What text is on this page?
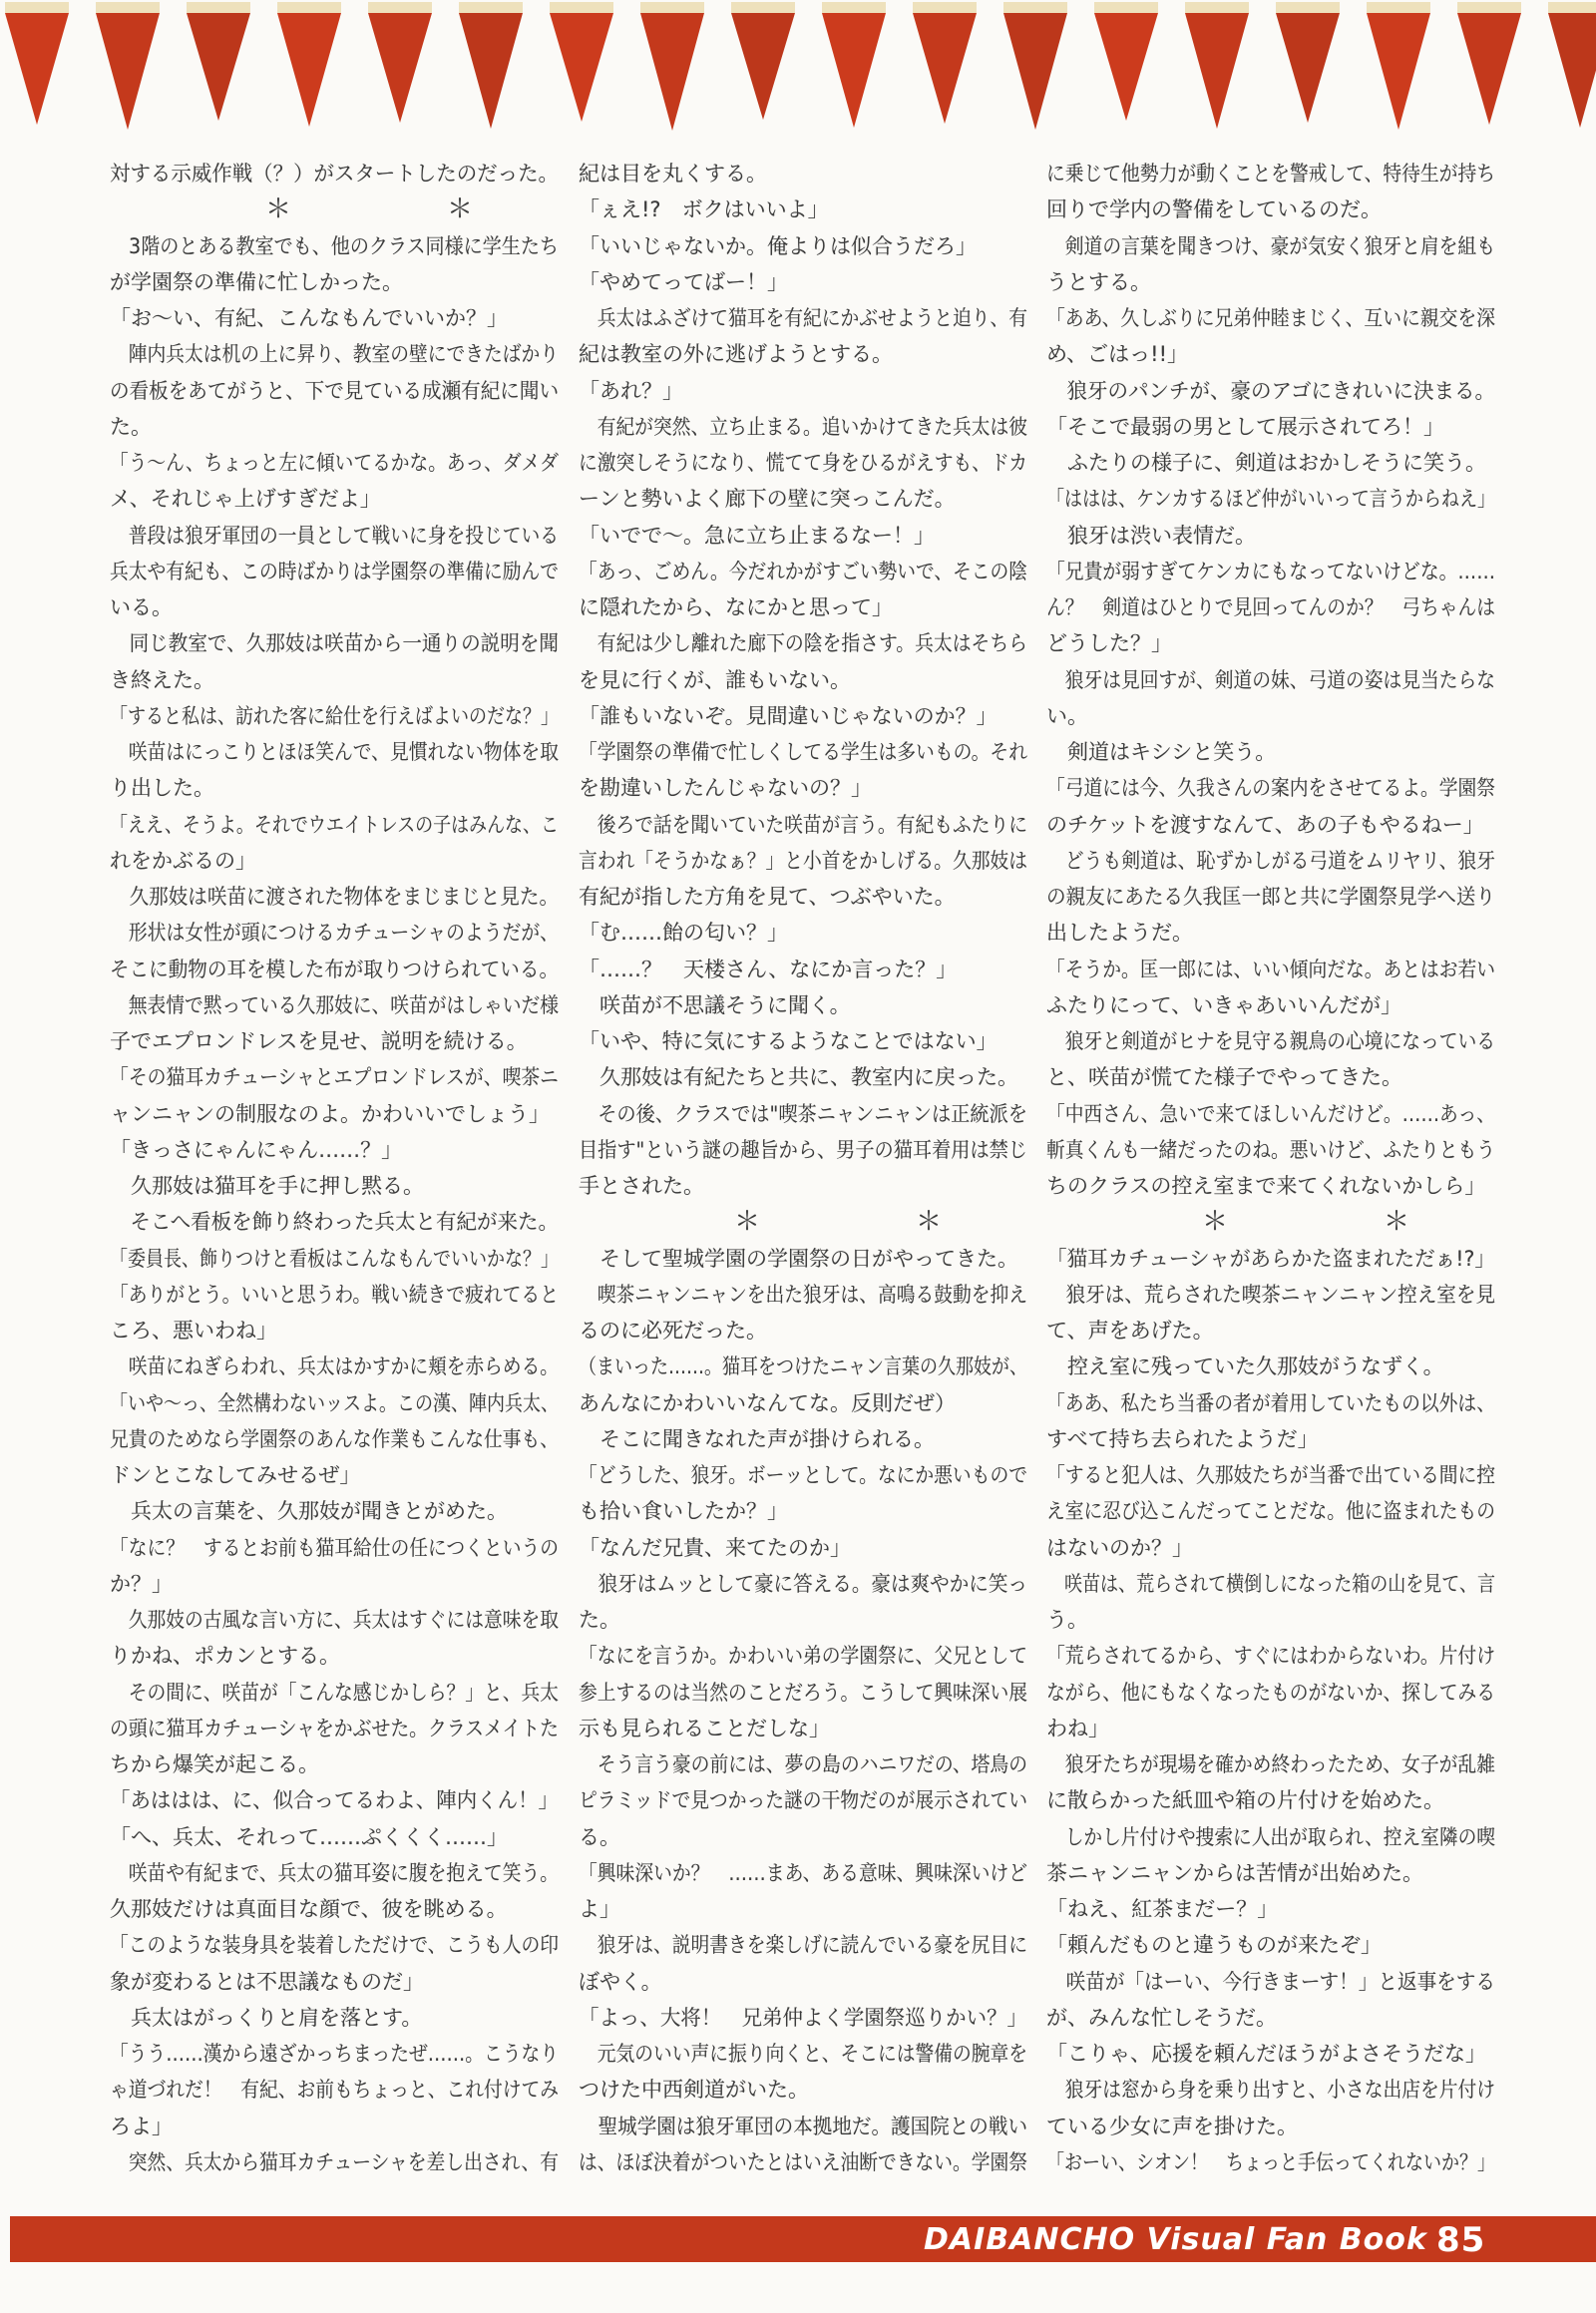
対する示威作戦（？）がスタートしたのだった。
　　　　　　＊　　　　　　＊
　3階のとある教室でも、他のクラス同様に学生たち
が学園祭の準備に忙しかった。
「お〜い、有紀、こんなもんでいいか？」
　陣内兵太は机の上に昇り、教室の壁にできたばかり
の看板をあてがうと、下で見ている成瀬有紀に聞い
た。
「う〜ん、ちょっと左に傾いてるかな。あっ、ダメダ
メ、それじゃ上げすぎだよ」
　普段は狼牙軍団の一員として戦いに身を投じている
兵太や有紀も、この時ばかりは学園祭の準備に励んで
いる。
　同じ教室で、久那妓は咲苗から一通りの説明を聞
き終えた。
「すると私は、訪れた客に給仕を行えばよいのだな？」
　咲苗はにっこりとほほ笑んで、見慣れない物体を取
り出した。
「ええ、そうよ。それでウエイトレスの子はみんな、こ
れをかぶるの」
　久那妓は咲苗に渡された物体をまじまじと見た。
　形状は女性が頭につけるカチューシャのようだが、
そこに動物の耳を模した布が取りつけられている。
　無表情で黙っている久那妓に、咲苗がはしゃいだ様
子でエプロンドレスを見せ、説明を続ける。
「その猫耳カチューシャとエプロンドレスが、喫茶ニ
ャンニャンの制服なのよ。かわいいでしょう」
「きっさにゃんにゃん……？」
　久那妓は猫耳を手に押し黙る。
　そこへ看板を飾り終わった兵太と有紀が来た。
「委員長、飾りつけと看板はこんなもんでいいかな？」
「ありがとう。いいと思うわ。戦い続きで疲れてると
ころ、悪いわね」
　咲苗にねぎらわれ、兵太はかすかに頬を赤らめる。
「いや〜っ、全然構わないッスよ。この漢、陣内兵太、
兄貴のためなら学園祭のあんな作業もこんな仕事も、
ドンとこなしてみせるぜ」
　兵太の言葉を、久那妓が聞きとがめた。
「なに？　するとお前も猫耳給仕の任につくというの
か？」
　久那妓の古風な言い方に、兵太はすぐには意味を取
りかね、ポカンとする。
　その間に、咲苗が「こんな感じかしら？」と、兵太
の頭に猫耳カチューシャをかぶせた。クラスメイトた
ちから爆笑が起こる。
「あははは、に、似合ってるわよ、陣内くん！」
「へ、兵太、それって……ぷくくく……」
　咲苗や有紀まで、兵太の猫耳姿に腹を抱えて笑う。
久那妓だけは真面目な顔で、彼を眺める。
「このような装身具を装着しただけで、こうも人の印
象が変わるとは不思議なものだ」
　兵太はがっくりと肩を落とす。
「うう……漢から遠ざかっちまったぜ……。こうなり
ゃ道づれだ！　有紀、お前もちょっと、これ付けてみ
ろよ」
　突然、兵太から猫耳カチューシャを差し出され、有
紀は目を丸くする。
「ぇえ!?　ボクはいいよ」
「いいじゃないか。俺よりは似合うだろ」
「やめてってばー！」
　兵太はふざけて猫耳を有紀にかぶせようと迫り、有
紀は教室の外に逃げようとする。
「あれ？」
　有紀が突然、立ち止まる。追いかけてきた兵太は彼
に激突しそうになり、慌てて身をひるがえすも、ドカ
ーンと勢いよく廊下の壁に突っこんだ。
「いでで〜。急に立ち止まるなー！」
「あっ、ごめん。今だれかがすごい勢いで、そこの陰
に隠れたから、なにかと思って」
　有紀は少し離れた廊下の陰を指さす。兵太はそちら
を見に行くが、誰もいない。
「誰もいないぞ。見間違いじゃないのか？」
「学園祭の準備で忙しくしてる学生は多いもの。それ
を勘違いしたんじゃないの？」
　後ろで話を聞いていた咲苗が言う。有紀もふたりに
言われ「そうかなぁ？」と小首をかしげる。久那妓は
有紀が指した方角を見て、つぶやいた。
「む……飴の匂い？」
「……？　天楼さん、なにか言った？」
　咲苗が不思議そうに聞く。
「いや、特に気にするようなことではない」
　久那妓は有紀たちと共に、教室内に戻った。
　その後、クラスでは"喫茶ニャンニャンは正統派を
目指す"という謎の趣旨から、男子の猫耳着用は禁じ
手とされた。
　　　　　　＊　　　　　　＊
　そして聖城学園の学園祭の日がやってきた。
　喫茶ニャンニャンを出た狼牙は、高鳴る鼓動を抑え
るのに必死だった。
（まいった……。猫耳をつけたニャン言葉の久那妓が、
あんなにかわいいなんてな。反則だぜ）
　そこに聞きなれた声が掛けられる。
「どうした、狼牙。ボーッとして。なにか悪いもので
も拾い食いしたか？」
「なんだ兄貴、来てたのか」
　狼牙はムッとして豪に答える。豪は爽やかに笑っ
た。
「なにを言うか。かわいい弟の学園祭に、父兄として
参上するのは当然のことだろう。こうして興味深い展
示も見られることだしな」
　そう言う豪の前には、夢の島のハニワだの、塔鳥の
ピラミッドで見つかった謎の干物だのが展示されてい
る。
「興味深いか？　……まあ、ある意味、興味深いけど
よ」
　狼牙は、説明書きを楽しげに読んでいる豪を尻目に
ぼやく。
「よっ、大将！　兄弟仲よく学園祭巡りかい？」
　元気のいい声に振り向くと、そこには警備の腕章を
つけた中西剣道がいた。
　聖城学園は狼牙軍団の本拠地だ。護国院との戦い
は、ほぼ決着がついたとはいえ油断できない。学園祭
に乗じて他勢力が動くことを警戒して、特待生が持ち
回りで学内の警備をしているのだ。
　剣道の言葉を聞きつけ、豪が気安く狼牙と肩を組も
うとする。
「ああ、久しぶりに兄弟仲睦まじく、互いに親交を深
め、ごはっ!!」
　狼牙のパンチが、豪のアゴにきれいに決まる。
「そこで最弱の男として展示されてろ！」
　ふたりの様子に、剣道はおかしそうに笑う。
「ははは、ケンカするほど仲がいいって言うからねえ」
　狼牙は渋い表情だ。
「兄貴が弱すぎてケンカにもなってないけどな。……
ん？　剣道はひとりで見回ってんのか？　弓ちゃんは
どうした？」
　狼牙は見回すが、剣道の妹、弓道の姿は見当たらな
い。
　剣道はキシシと笑う。
「弓道には今、久我さんの案内をさせてるよ。学園祭
のチケットを渡すなんて、あの子もやるねー」
　どうも剣道は、恥ずかしがる弓道をムリヤリ、狼牙
の親友にあたる久我匡一郎と共に学園祭見学へ送り
出したようだ。
「そうか。匡一郎には、いい傾向だな。あとはお若い
ふたりにって、いきゃあいいんだが」
　狼牙と剣道がヒナを見守る親鳥の心境になっている
と、咲苗が慌てた様子でやってきた。
「中西さん、急いで来てほしいんだけど。……あっ、
斬真くんも一緒だったのね。悪いけど、ふたりともう
ちのクラスの控え室まで来てくれないかしら」
　　　　　　＊　　　　　　＊
「猫耳カチューシャがあらかた盗まれただぁ!?」
　狼牙は、荒らされた喫茶ニャンニャン控え室を見
て、声をあげた。
　控え室に残っていた久那妓がうなずく。
「ああ、私たち当番の者が着用していたもの以外は、
すべて持ち去られたようだ」
「すると犯人は、久那妓たちが当番で出ている間に控
え室に忍び込こんだってことだな。他に盗まれたもの
はないのか？」
　咲苗は、荒らされて横倒しになった箱の山を見て、言
う。
「荒らされてるから、すぐにはわからないわ。片付け
ながら、他にもなくなったものがないか、探してみる
わね」
　狼牙たちが現場を確かめ終わったため、女子が乱雑
に散らかった紙皿や箱の片付けを始めた。
　しかし片付けや捜索に人出が取られ、控え室隣の喫
茶ニャンニャンからは苦情が出始めた。
「ねえ、紅茶まだー？」
「頼んだものと違うものが来たぞ」
　咲苗が「はーい、今行きまーす！」と返事をする
が、みんな忙しそうだ。
「こりゃ、応援を頼んだほうがよさそうだな」
　狼牙は窓から身を乗り出すと、小さな出店を片付け
ている少女に声を掛けた。
「おーい、シオン！　ちょっと手伝ってくれないか？」
DAIBANCHO Visual Fan Book 85
